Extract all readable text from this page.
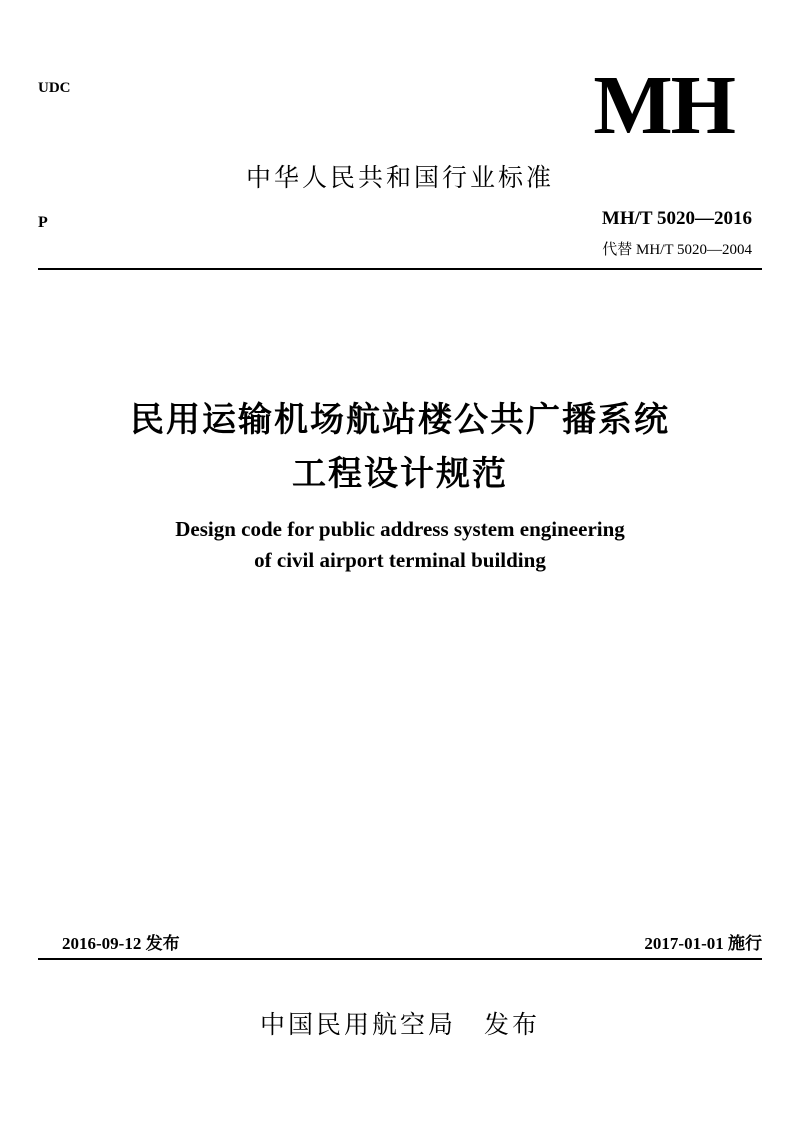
UDC	MH
中华人民共和国行业标准
P	MH/T 5020—2016
代替 MH/T 5020—2004
民用运输机场航站楼公共广播系统
工程设计规范
Design code for public address system engineering
of civil airport terminal building
2016-09-12 发布	2017-01-01 施行
中国民用航空局 发布
